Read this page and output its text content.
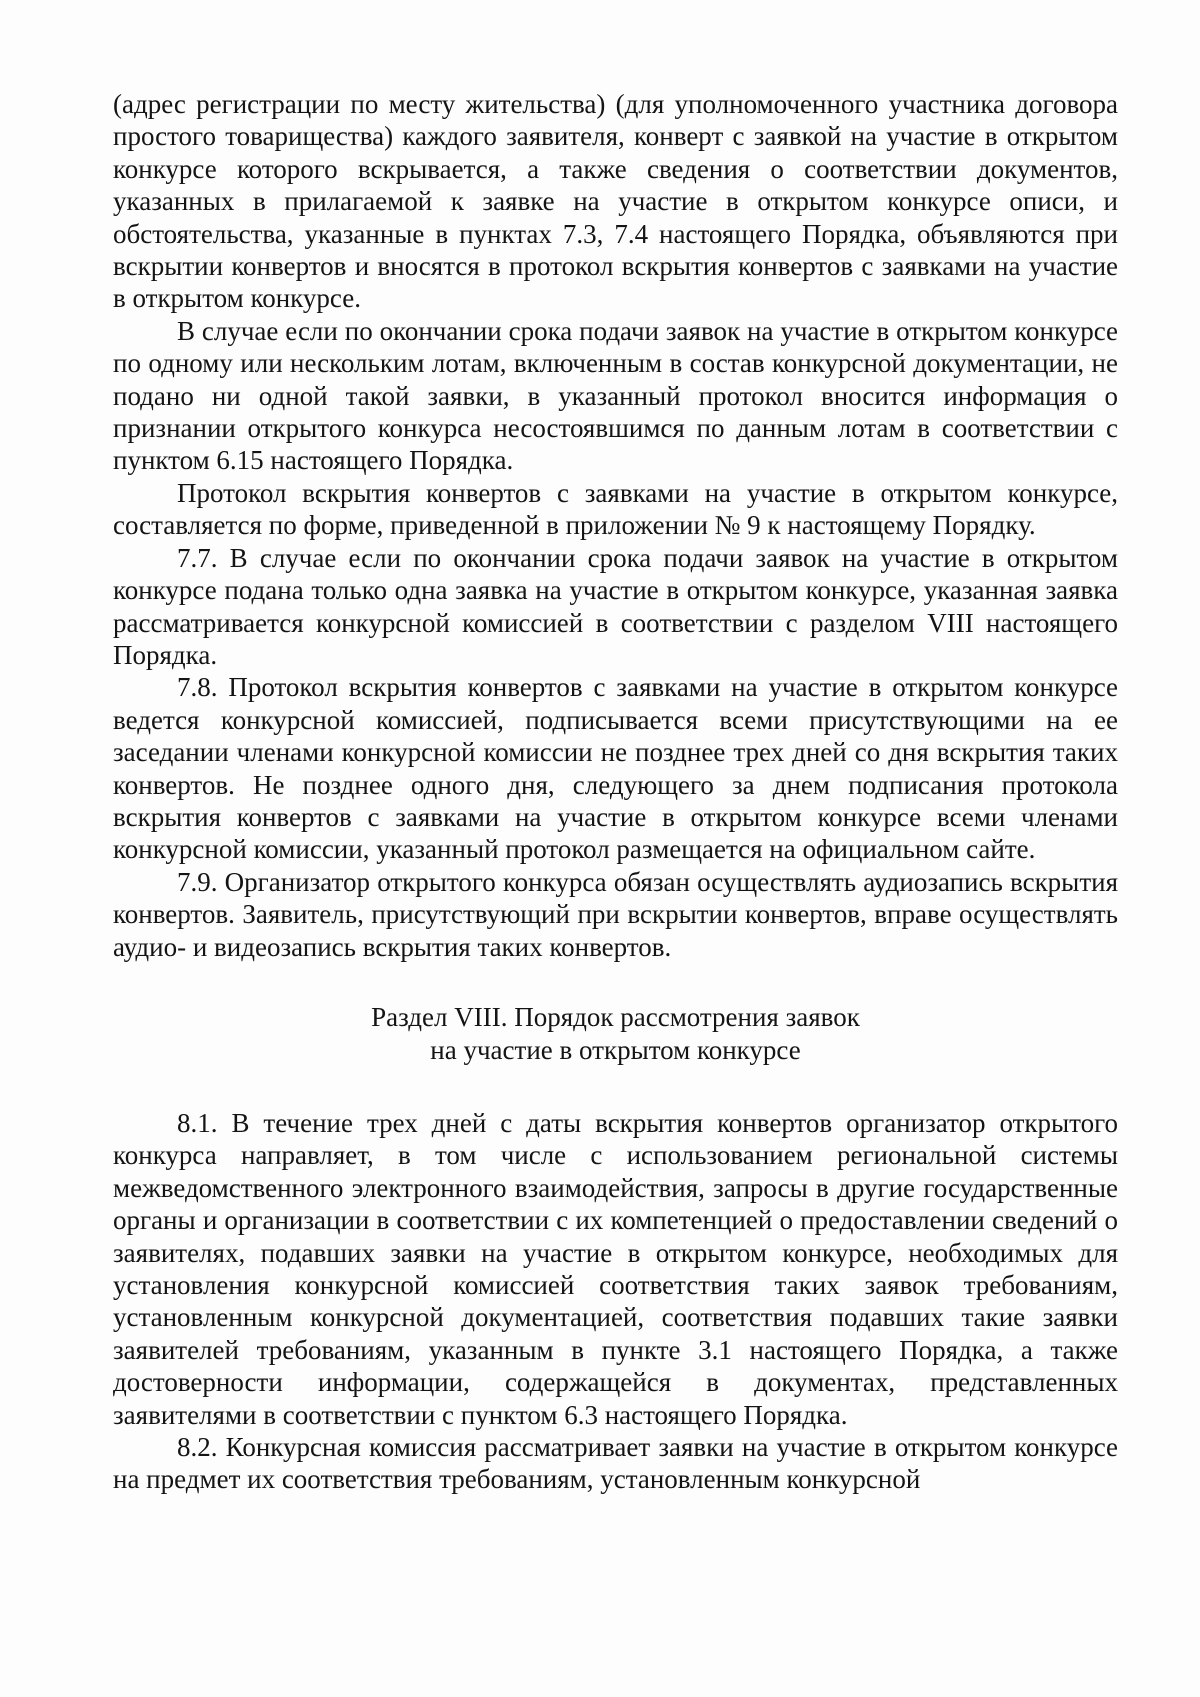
(адрес регистрации по месту жительства) (для уполномоченного участника договора простого товарищества) каждого заявителя, конверт с заявкой на участие в открытом конкурсе которого вскрывается, а также сведения о соответствии документов, указанных в прилагаемой к заявке на участие в открытом конкурсе описи, и обстоятельства, указанные в пунктах 7.3, 7.4 настоящего Порядка, объявляются при вскрытии конвертов и вносятся в протокол вскрытия конвертов с заявками на участие в открытом конкурсе.

В случае если по окончании срока подачи заявок на участие в открытом конкурсе по одному или нескольким лотам, включенным в состав конкурсной документации, не подано ни одной такой заявки, в указанный протокол вносится информация о признании открытого конкурса несостоявшимся по данным лотам в соответствии с пунктом 6.15 настоящего Порядка.

Протокол вскрытия конвертов с заявками на участие в открытом конкурсе, составляется по форме, приведенной в приложении № 9 к настоящему Порядку.

7.7. В случае если по окончании срока подачи заявок на участие в открытом конкурсе подана только одна заявка на участие в открытом конкурсе, указанная заявка рассматривается конкурсной комиссией в соответствии с разделом VIII настоящего Порядка.

7.8. Протокол вскрытия конвертов с заявками на участие в открытом конкурсе ведется конкурсной комиссией, подписывается всеми присутствующими на ее заседании членами конкурсной комиссии не позднее трех дней со дня вскрытия таких конвертов. Не позднее одного дня, следующего за днем подписания протокола вскрытия конвертов с заявками на участие в открытом конкурсе всеми членами конкурсной комиссии, указанный протокол размещается на официальном сайте.

7.9. Организатор открытого конкурса обязан осуществлять аудиозапись вскрытия конвертов. Заявитель, присутствующий при вскрытии конвертов, вправе осуществлять аудио- и видеозапись вскрытия таких конвертов.

Раздел VIII. Порядок рассмотрения заявок
на участие в открытом конкурсе

8.1. В течение трех дней с даты вскрытия конвертов организатор открытого конкурса направляет, в том числе с использованием региональной системы межведомственного электронного взаимодействия, запросы в другие государственные органы и организации в соответствии с их компетенцией о предоставлении сведений о заявителях, подавших заявки на участие в открытом конкурсе, необходимых для установления конкурсной комиссией соответствия таких заявок требованиям, установленным конкурсной документацией, соответствия подавших такие заявки заявителей требованиям, указанным в пункте 3.1 настоящего Порядка, а также достоверности информации, содержащейся в документах, представленных заявителями в соответствии с пунктом 6.3 настоящего Порядка.

8.2. Конкурсная комиссия рассматривает заявки на участие в открытом конкурсе на предмет их соответствия требованиям, установленным конкурсной
